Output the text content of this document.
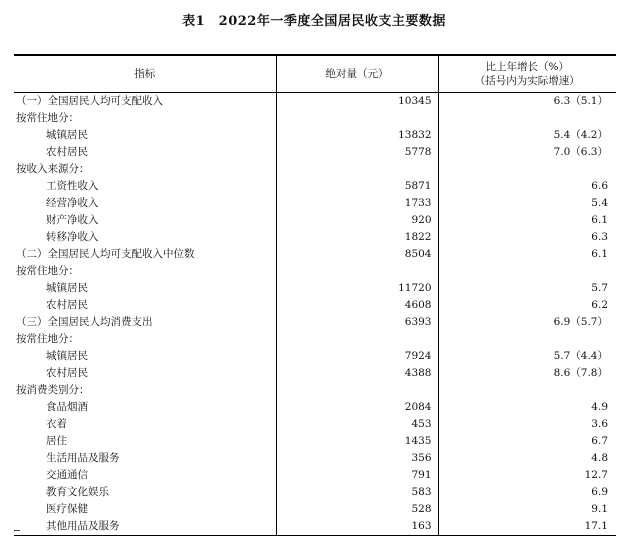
表1　2022年一季度全国居民收支主要数据
指标	绝对量（元）	比上年增长（%）
（括号内为实际增速）

（一）全国居民人均可支配收入	10345	6.3（5.1）
按常住地分：		
城镇居民	13832	5.4（4.2）
农村居民	5778	7.0（6.3）
按收入来源分：		
工资性收入	5871	6.6
经营净收入	1733	5.4
财产净收入	920	6.1
转移净收入	1822	6.3
（二）全国居民人均可支配收入中位数	8504	6.1
按常住地分：		
城镇居民	11720	5.7
农村居民	4608	6.2
（三）全国居民人均消费支出	6393	6.9（5.7）
按常住地分：		
城镇居民	7924	5.7（4.4）
农村居民	4388	8.6（7.8）
按消费类别分：		
食品烟酒	2084	4.9
衣着	453	3.6
居住	1435	6.7
生活用品及服务	356	4.8
交通通信	791	12.7
教育文化娱乐	583	6.9
医疗保健	528	9.1
其他用品及服务	163	17.1
